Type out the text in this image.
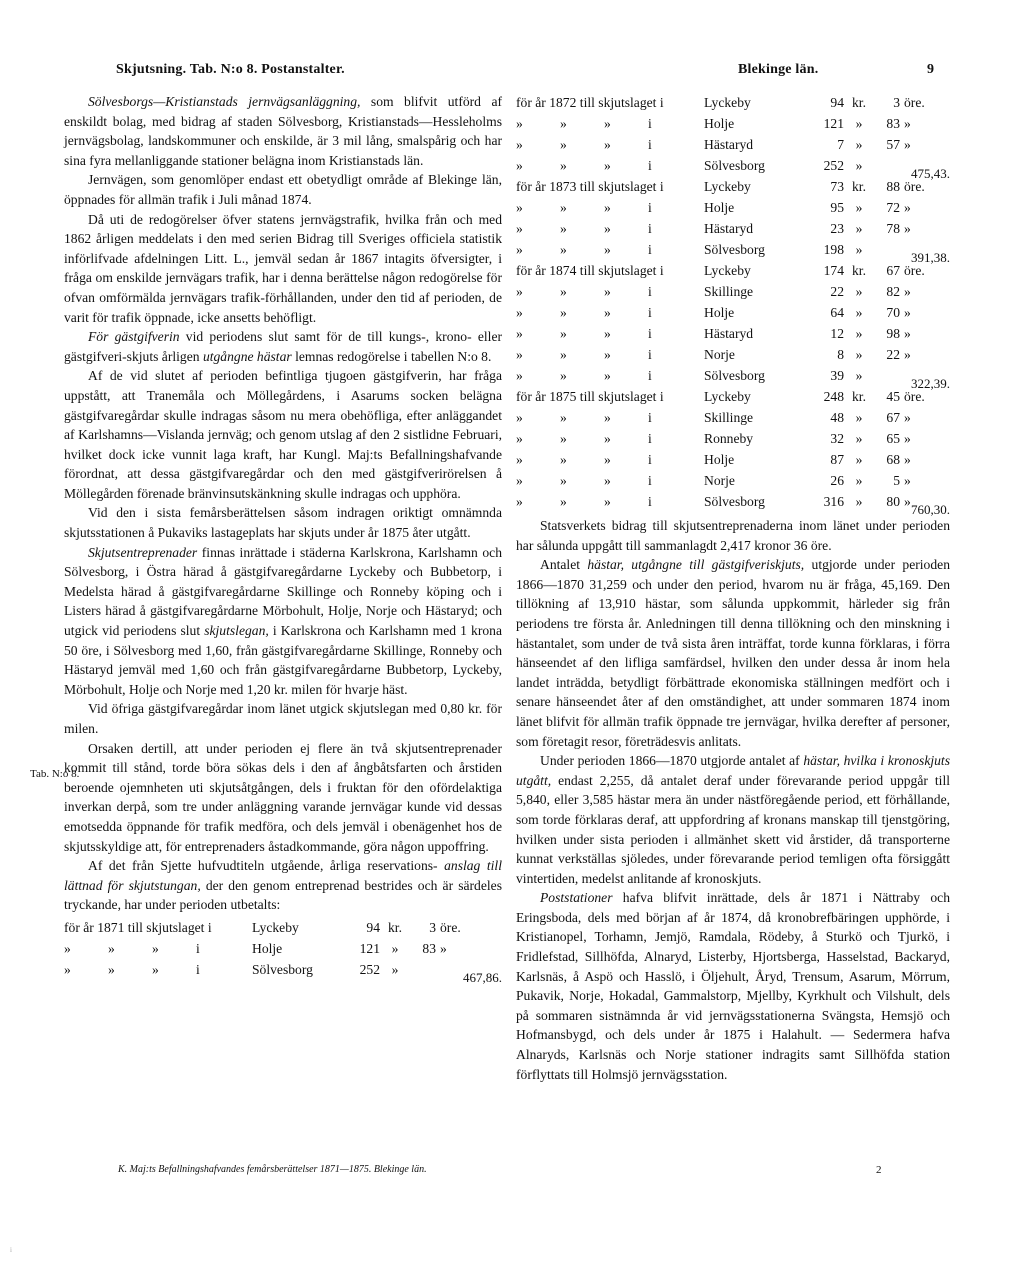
Skjutsning. Tab. N:o 8. Postanstalter.	Blekinge län.	9

Sölvesborgs—Kristianstads jernvägsanläggning, som blifvit utförd af enskildt bolag, med bidrag af staden Sölvesborg, Kristianstads—Hessleholms jernvägsbolag, landskommuner och enskilde, är 3 mil lång, smalspårig och har sina fyra mellanliggande stationer belägna inom Kristianstads län.

Jernvägen, som genomlöper endast ett obetydligt område af Blekinge län, öppnades för allmän trafik i Juli månad 1874.

Då uti de redogörelser öfver statens jernvägstrafik, hvilka från och med 1862 årligen meddelats i den med serien Bidrag till Sveriges officiela statistik införlifvade afdelningen Litt. L., jemväl sedan år 1867 intagits öfversigter, i fråga om enskilde jernvägars trafik, har i denna berättelse någon redogörelse för ofvan omförmälda jernvägars trafik-förhållanden, under den tid af perioden, de varit för trafik öppnade, icke ansetts behöfligt.

För gästgifverin vid periodens slut samt för de till kungs-, krono- eller gästgifveri-skjuts årligen utgångne hästar lemnas redogörelse i tabellen N:o 8.

Af de vid slutet af perioden befintliga tjugoen gästgifverin, har fråga uppstått, att Tranemåla och Möllegårdens, i Asarums socken belägna gästgifvaregårdar skulle indragas såsom nu mera obehöfliga, efter anläggandet af Karlshamns—Vislanda jernväg; och genom utslag af den 2 sistlidne Februari, hvilket dock icke vunnit laga kraft, har Kungl. Maj:ts Befallningshafvande förordnat, att dessa gästgifvaregårdar och den med gästgifverirörelsen å Möllegården förenade bränvinsutskänkning skulle indragas och upphöra.

Vid den i sista femårsberättelsen såsom indragen oriktigt omnämnda skjutsstationen å Pukaviks lastageplats har skjuts under år 1875 åter utgått.

Skjutsentreprenader finnas inrättade i städerna Karlskrona, Karlshamn och Sölvesborg, i Östra härad å gästgifvaregårdarne Lyckeby och Bubbetorp, i Medelsta härad å gästgifvaregårdarne Skillinge och Ronneby köping och i Listers härad å gästgifvaregårdarne Mörbohult, Holje, Norje och Hästaryd; och utgick vid periodens slut skjutslegan, i Karlskrona och Karlshamn med 1 krona 50 öre, i Sölvesborg med 1,60, från gästgifvaregårdarne Skillinge, Ronneby och Hästaryd jemväl med 1,60 och från gästgifvaregårdarne Bubbetorp, Lyckeby, Mörbohult, Holje och Norje med 1,20 kr. milen för hvarje häst.

Vid öfriga gästgifvaregårdar inom länet utgick skjutslegan med 0,80 kr. för milen.

Orsaken dertill, att under perioden ej flere än två skjutsentreprenader kommit till stånd, torde böra sökas dels i den af ångbåtsfarten och årstiden beroende ojemnheten uti skjutsåtgången, dels i fruktan för den ofördelaktiga inverkan derpå, som tre under anläggning varande jernvägar kunde vid dessas emotsedda öppnande för trafik medföra, och dels jemväl i obenägenhet hos de skjutsskyldige att, för entreprenaders åstadkommande, göra någon uppoffring.

Af det från Sjette hufvudtiteln utgående, årliga reservations- anslag till lättnad för skjutstungan, der den genom entreprenad bestrides och är särdeles tryckande, har under perioden utbetalts:

för år 1871 till skjutslaget i	Lyckeby	94 kr.	3 öre.
»	»	»	i	Holje	121 »	83 »
»	»	»	i	Sölvesborg	252 »
467,86.
Tab. N:o 8.
för år 1872 till skjutslaget i	Lyckeby	94 kr.	3 öre.
»	»	»	i	Holje	121 »	83 »
»	»	»	i	Hästaryd	7 »	57 »
»	»	»	i	Sölvesborg	252 »
475,43.
för år 1873 till skjutslaget i	Lyckeby	73 kr.	88 öre.
»	»	»	i	Holje	95 »	72 »
»	»	»	i	Hästaryd	23 »	78 »
»	»	»	i	Sölvesborg	198 »
391,38.
för år 1874 till skjutslaget i	Lyckeby	174 kr.	67 öre.
»	»	»	i	Skillinge	22 »	82 »
»	»	»	i	Holje	64 »	70 »
»	»	»	i	Hästaryd	12 »	98 »
»	»	»	i	Norje	8 »	22 »
»	»	»	i	Sölvesborg	39 »
322,39.
för år 1875 till skjutslaget i	Lyckeby	248 kr.	45 öre.
»	»	»	i	Skillinge	48 »	67 »
»	»	»	i	Ronneby	32 »	65 »
»	»	»	i	Holje	87 »	68 »
»	»	»	i	Norje	26 »	5 »
»	»	»	i	Sölvesborg	316 »	80 »
760,30.

Statsverkets bidrag till skjutsentreprenaderna inom länet under perioden har sålunda uppgått till sammanlagdt 2,417 kronor 36 öre.

Antalet hästar, utgångne till gästgifveriskjuts, utgjorde under perioden 1866—1870 31,259 och under den period, hvarom nu är fråga, 45,169. Den tillökning af 13,910 hästar, som sålunda uppkommit, härleder sig från periodens tre första år. Anledningen till denna tillökning och den minskning i hästantalet, som under de två sista åren inträffat, torde kunna förklaras, i förra hänseendet af den lifliga samfärdsel, hvilken den under dessa år inom hela landet inträdda, betydligt förbättrade ekonomiska ställningen medfört och i senare hänseendet åter af den omständighet, att under sommaren 1874 inom länet blifvit för allmän trafik öppnade tre jernvägar, hvilka derefter af personer, som företagit resor, företrädesvis anlitats.

Under perioden 1866—1870 utgjorde antalet af hästar, hvilka i kronoskjuts utgått, endast 2,255, då antalet deraf under förevarande period uppgår till 5,840, eller 3,585 hästar mera än under nästföregående period, ett förhållande, som torde förklaras deraf, att uppfordring af kronans manskap till tjenstgöring, hvilken under sista perioden i allmänhet skett vid årstider, då transporterne kunnat verkställas sjöledes, under förevarande period temligen ofta försiggått vintertiden, medelst anlitande af kronoskjuts.

Poststationer hafva blifvit inrättade, dels år 1871 i Nättraby och Eringsboda, dels med början af år 1874, då kronobrefbäringen upphörde, i Kristianopel, Torhamn, Jemjö, Ramdala, Rödeby, å Sturkö och Tjurkö, i Fridlefstad, Sillhöfda, Alnaryd, Listerby, Hjortsberga, Hasselstad, Backaryd, Karlsnäs, å Aspö och Hasslö, i Öljehult, Åryd, Trensum, Asarum, Mörrum, Pukavik, Norje, Hokadal, Gammalstorp, Mjellby, Kyrkhult och Vilshult, dels på sommaren sistnämnda år vid jernvägsstationerna Svängsta, Hemsjö och Hofmansbygd, och dels under år 1875 i Halahult. — Sedermera hafva Alnaryds, Karlsnäs och Norje stationer indragits samt Sillhöfda station förflyttats till Holmsjö jernvägsstation.

K. Maj:ts Befallningshafvandes femårsberättelser 1871—1875. Blekinge län.	2
i
